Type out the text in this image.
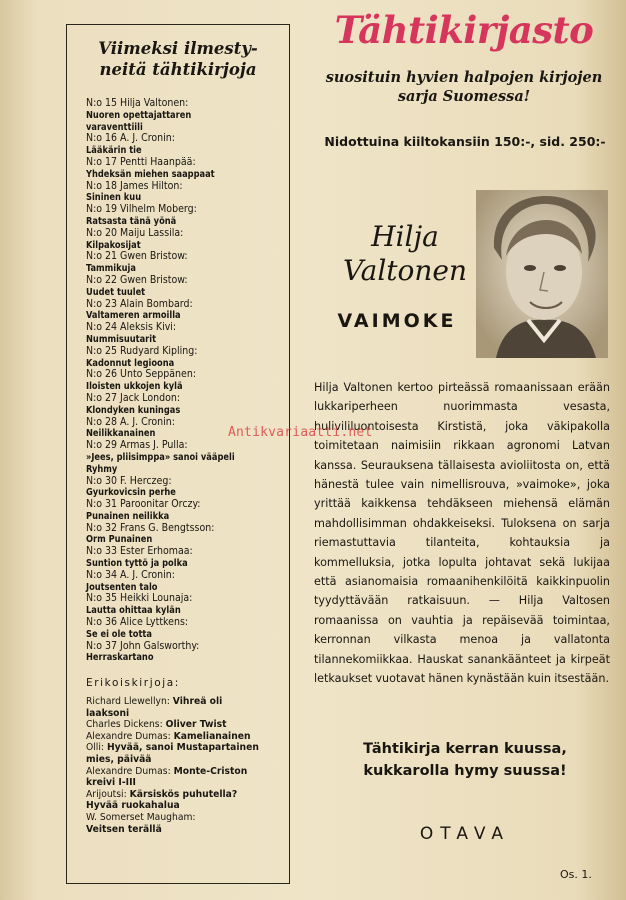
Viimeksi ilmesty-
neitä tähtikirjoja
N:o 15 Hilja Valtonen:
Nuoren opettajattaren
varaventtiili
N:o 16 A. J. Cronin:
Lääkärin tie
N:o 17 Pentti Haanpää:
Yhdeksän miehen saappaat
N:o 18 James Hilton:
Sininen kuu
N:o 19 Vilhelm Moberg:
Ratsasta tänä yönä
N:o 20 Maiju Lassila:
Kilpakosijat
N:o 21 Gwen Bristow:
Tammikuja
N:o 22 Gwen Bristow:
Uudet tuulet
N:o 23 Alain Bombard:
Valtameren armoilla
N:o 24 Aleksis Kivi:
Nummisuutarit
N:o 25 Rudyard Kipling:
Kadonnut legioona
N:o 26 Unto Seppänen:
Iloisten ukkojen kylä
N:o 27 Jack London:
Klondyken kuningas
N:o 28 A. J. Cronin:
Neilikkanainen
N:o 29 Armas J. Pulla:
»Jees, pliisimppa» sanoi vääpeli
Ryhmy
N:o 30 F. Herczeg:
Gyurkovicsin perhe
N:o 31 Paroonitar Orczy:
Punainen neilikka
N:o 32 Frans G. Bengtsson:
Orm Punainen
N:o 33 Ester Erhomaa:
Suntion tyttö ja polka
N:o 34 A. J. Cronin:
Joutsenten talo
N:o 35 Heikki Lounaja:
Lautta ohittaa kylän
N:o 36 Alice Lyttkens:
Se ei ole totta
N:o 37 John Galsworthy:
Herraskartano
Erikoiskirjoja:
Richard Llewellyn: Vihreä oli
laaksoni
Charles Dickens: Oliver Twist
Alexandre Dumas: Kamelianainen
Olli: Hyvää, sanoi Mustapartainen
mies, päivää
Alexandre Dumas: Monte-Criston
kreivi I-III
Arijoutsi: Kärsiskös puhutella?
Hyvää ruokahalua
W. Somerset Maugham:
Veitsen terällä
Tähtikirjasto
suosituin hyvien halpojen kirjojen
sarja Suomessa!
Nidottuina kiiltokansiin 150:-, sid. 250:-
Hilja
Valtonen
VAIMOKE

Hilja Valtonen kertoo pirteässä romaanissaan erään lukkariperheen nuorimmasta vesasta, hulivililuontoisesta Kirstistä, joka väkipakolla toimitetaan naimisiin rikkaan agronomi Latvan kanssa. Seurauksena tällaisesta avioliitosta on, että hänestä tulee vain nimellisrouva, »vaimoke», joka yrittää kaikkensa tehdäkseen miehensä elämän mahdollisimman ohdakkeiseksi. Tuloksena on sarja riemastuttavia tilanteita, kohtauksia ja kommelluksia, jotka lopulta johtavat sekä lukijaa että asianomaisia romaanihenkilöitä kaikkinpuolin tyydyttävään ratkaisuun. — Hilja Valtosen romaanissa on vauhtia ja repäisevää toimintaa, kerronnan vilkasta menoa ja vallatonta tilannekomiikkaa. Hauskat sanankäänteet ja kirpeät letkaukset vuotavat hänen kynästään kuin itsestään.

Antikvariaatti.net
Tähtikirja kerran kuussa,
kukkarolla hymy suussa!
OTAVA
Os. 1.
